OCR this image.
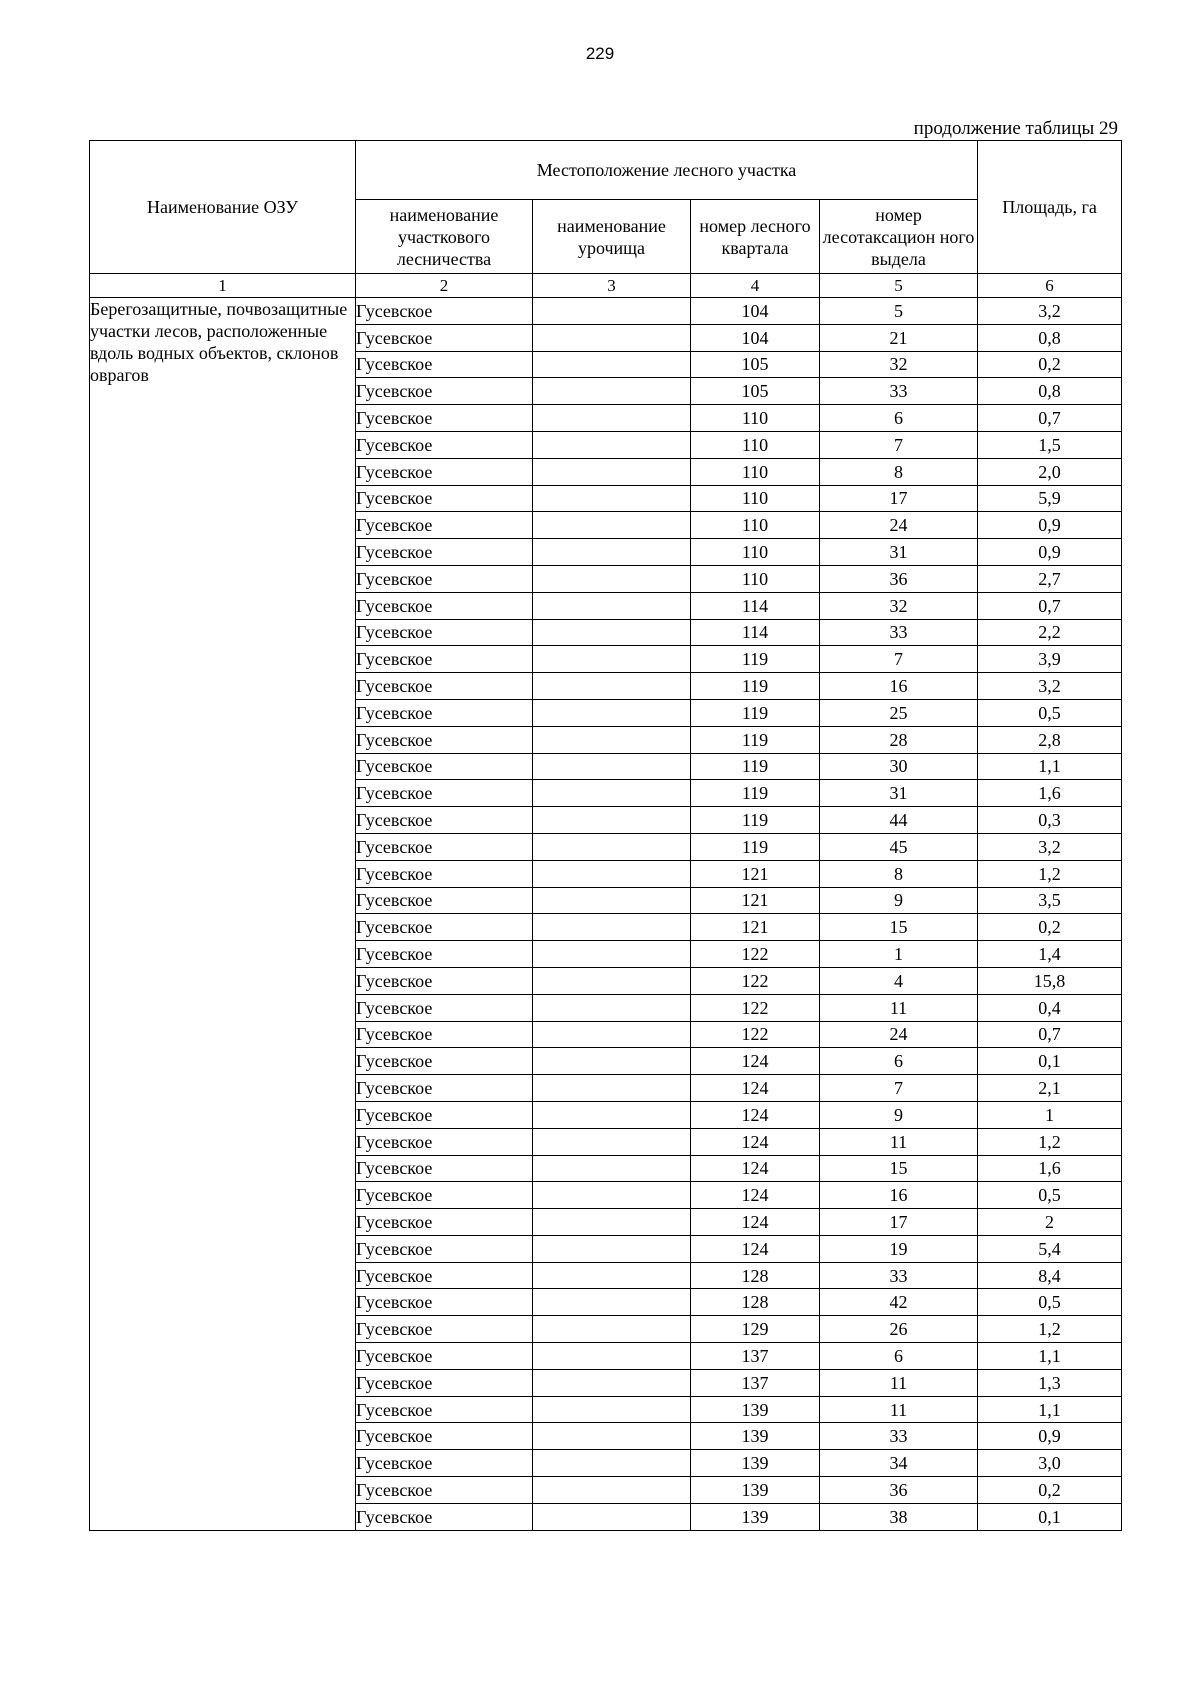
229
продолжение таблицы 29
Наименование ОЗУ	Местоположение лесного участка				Площадь, га
	наименование участкового лесничества	наименование урочища	номер лесного квартала	номер лесотаксацион ного выдела	
1	2	3	4	5	6
Берегозащитные, почвозащитные участки лесов, расположенные вдоль водных объектов, склонов оврагов	Гусевское		104	5	3,2
	Гусевское		104	21	0,8
	Гусевское		105	32	0,2
	Гусевское		105	33	0,8
	Гусевское		110	6	0,7
	Гусевское		110	7	1,5
	Гусевское		110	8	2,0
	Гусевское		110	17	5,9
	Гусевское		110	24	0,9
	Гусевское		110	31	0,9
	Гусевское		110	36	2,7
	Гусевское		114	32	0,7
	Гусевское		114	33	2,2
	Гусевское		119	7	3,9
	Гусевское		119	16	3,2
	Гусевское		119	25	0,5
	Гусевское		119	28	2,8
	Гусевское		119	30	1,1
	Гусевское		119	31	1,6
	Гусевское		119	44	0,3
	Гусевское		119	45	3,2
	Гусевское		121	8	1,2
	Гусевское		121	9	3,5
	Гусевское		121	15	0,2
	Гусевское		122	1	1,4
	Гусевское		122	4	15,8
	Гусевское		122	11	0,4
	Гусевское		122	24	0,7
	Гусевское		124	6	0,1
	Гусевское		124	7	2,1
	Гусевское		124	9	1
	Гусевское		124	11	1,2
	Гусевское		124	15	1,6
	Гусевское		124	16	0,5
	Гусевское		124	17	2
	Гусевское		124	19	5,4
	Гусевское		128	33	8,4
	Гусевское		128	42	0,5
	Гусевское		129	26	1,2
	Гусевское		137	6	1,1
	Гусевское		137	11	1,3
	Гусевское		139	11	1,1
	Гусевское		139	33	0,9
	Гусевское		139	34	3,0
	Гусевское		139	36	0,2
	Гусевское		139	38	0,1
